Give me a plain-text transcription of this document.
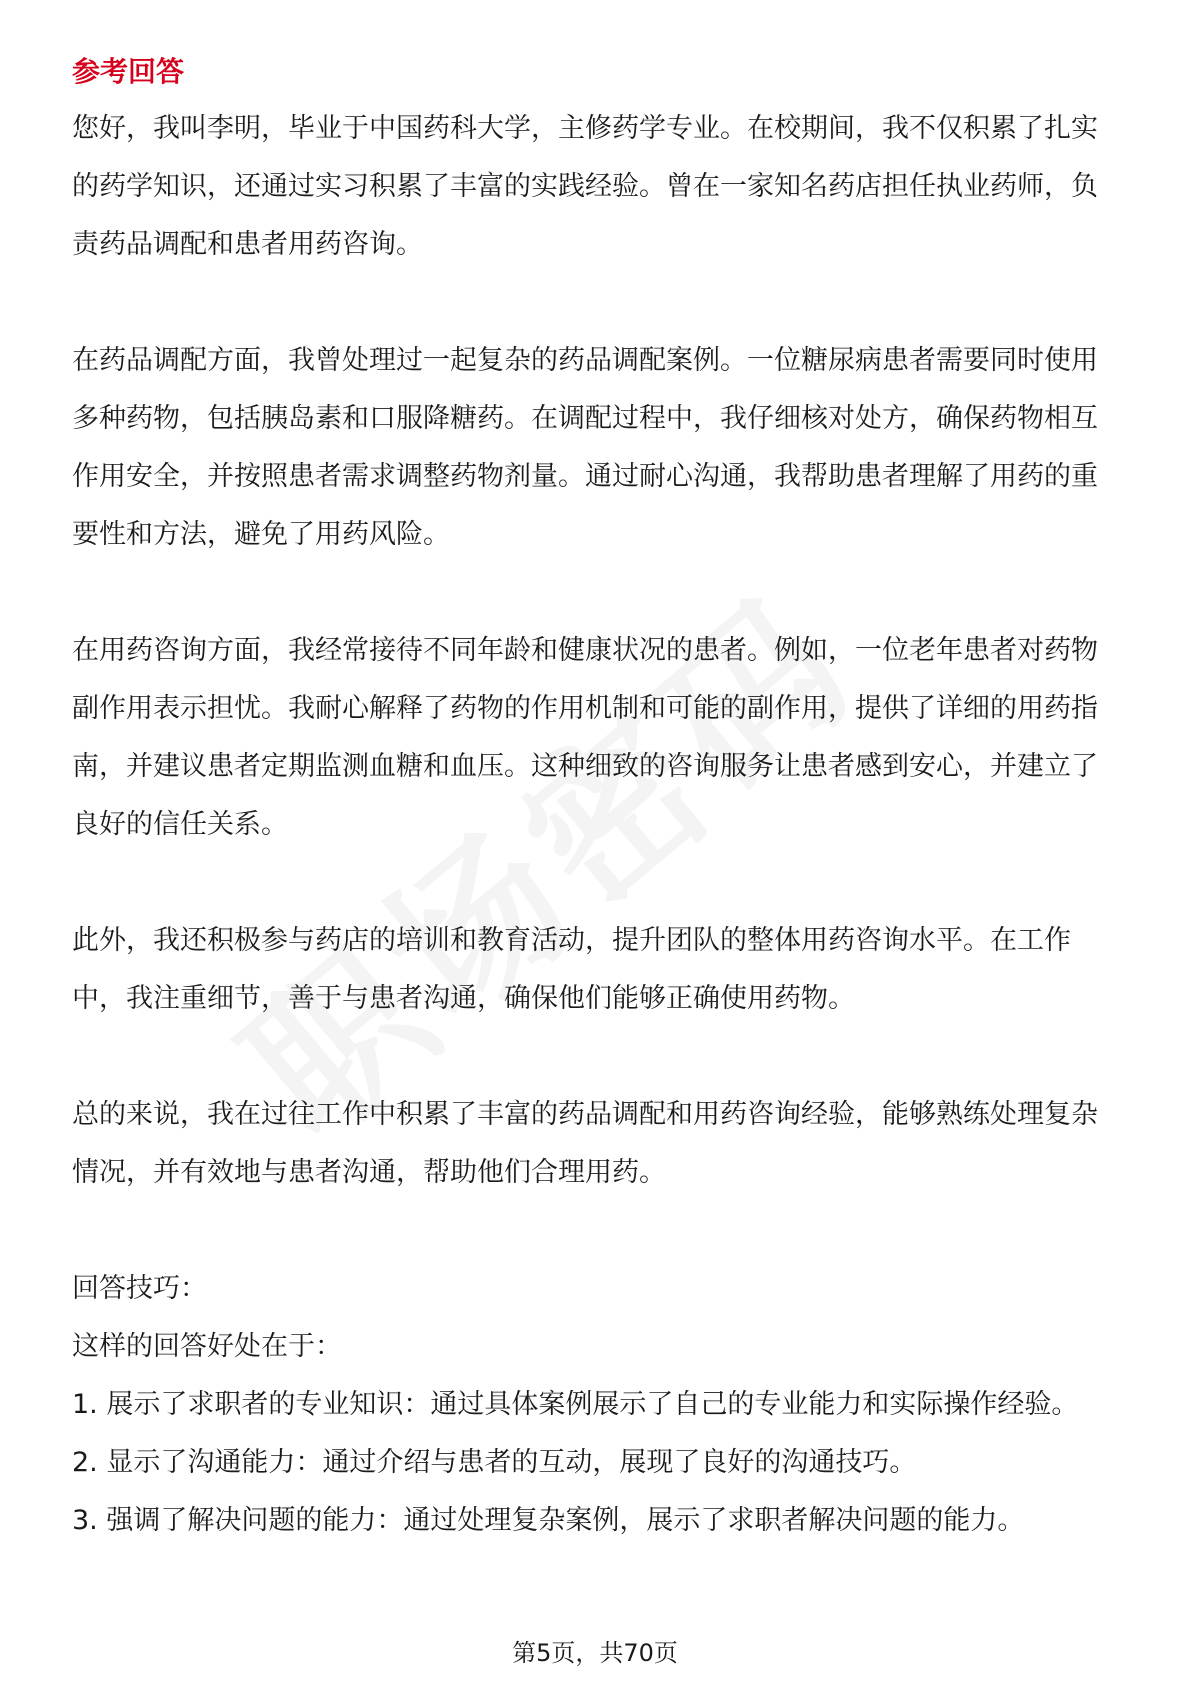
参考回答

您好，我叫李明，毕业于中国药科大学，主修药学专业。在校期间，我不仅积累了扎实的药学知识，还通过实习积累了丰富的实践经验。曾在一家知名药店担任执业药师，负责药品调配和患者用药咨询。

在药品调配方面，我曾处理过一起复杂的药品调配案例。一位糖尿病患者需要同时使用多种药物，包括胰岛素和口服降糖药。在调配过程中，我仔细核对处方，确保药物相互作用安全，并按照患者需求调整药物剂量。通过耐心沟通，我帮助患者理解了用药的重要性和方法，避免了用药风险。

在用药咨询方面，我经常接待不同年龄和健康状况的患者。例如，一位老年患者对药物副作用表示担忧。我耐心解释了药物的作用机制和可能的副作用，提供了详细的用药指南，并建议患者定期监测血糖和血压。这种细致的咨询服务让患者感到安心，并建立了良好的信任关系。

此外，我还积极参与药店的培训和教育活动，提升团队的整体用药咨询水平。在工作中，我注重细节，善于与患者沟通，确保他们能够正确使用药物。

总的来说，我在过往工作中积累了丰富的药品调配和用药咨询经验，能够熟练处理复杂情况，并有效地与患者沟通，帮助他们合理用药。

回答技巧：

这样的回答好处在于：

1. 展示了求职者的专业知识：通过具体案例展示了自己的专业能力和实际操作经验。

2. 显示了沟通能力：通过介绍与患者的互动，展现了良好的沟通技巧。

3. 强调了解决问题的能力：通过处理复杂案例，展示了求职者解决问题的能力。

第5页，共70页
